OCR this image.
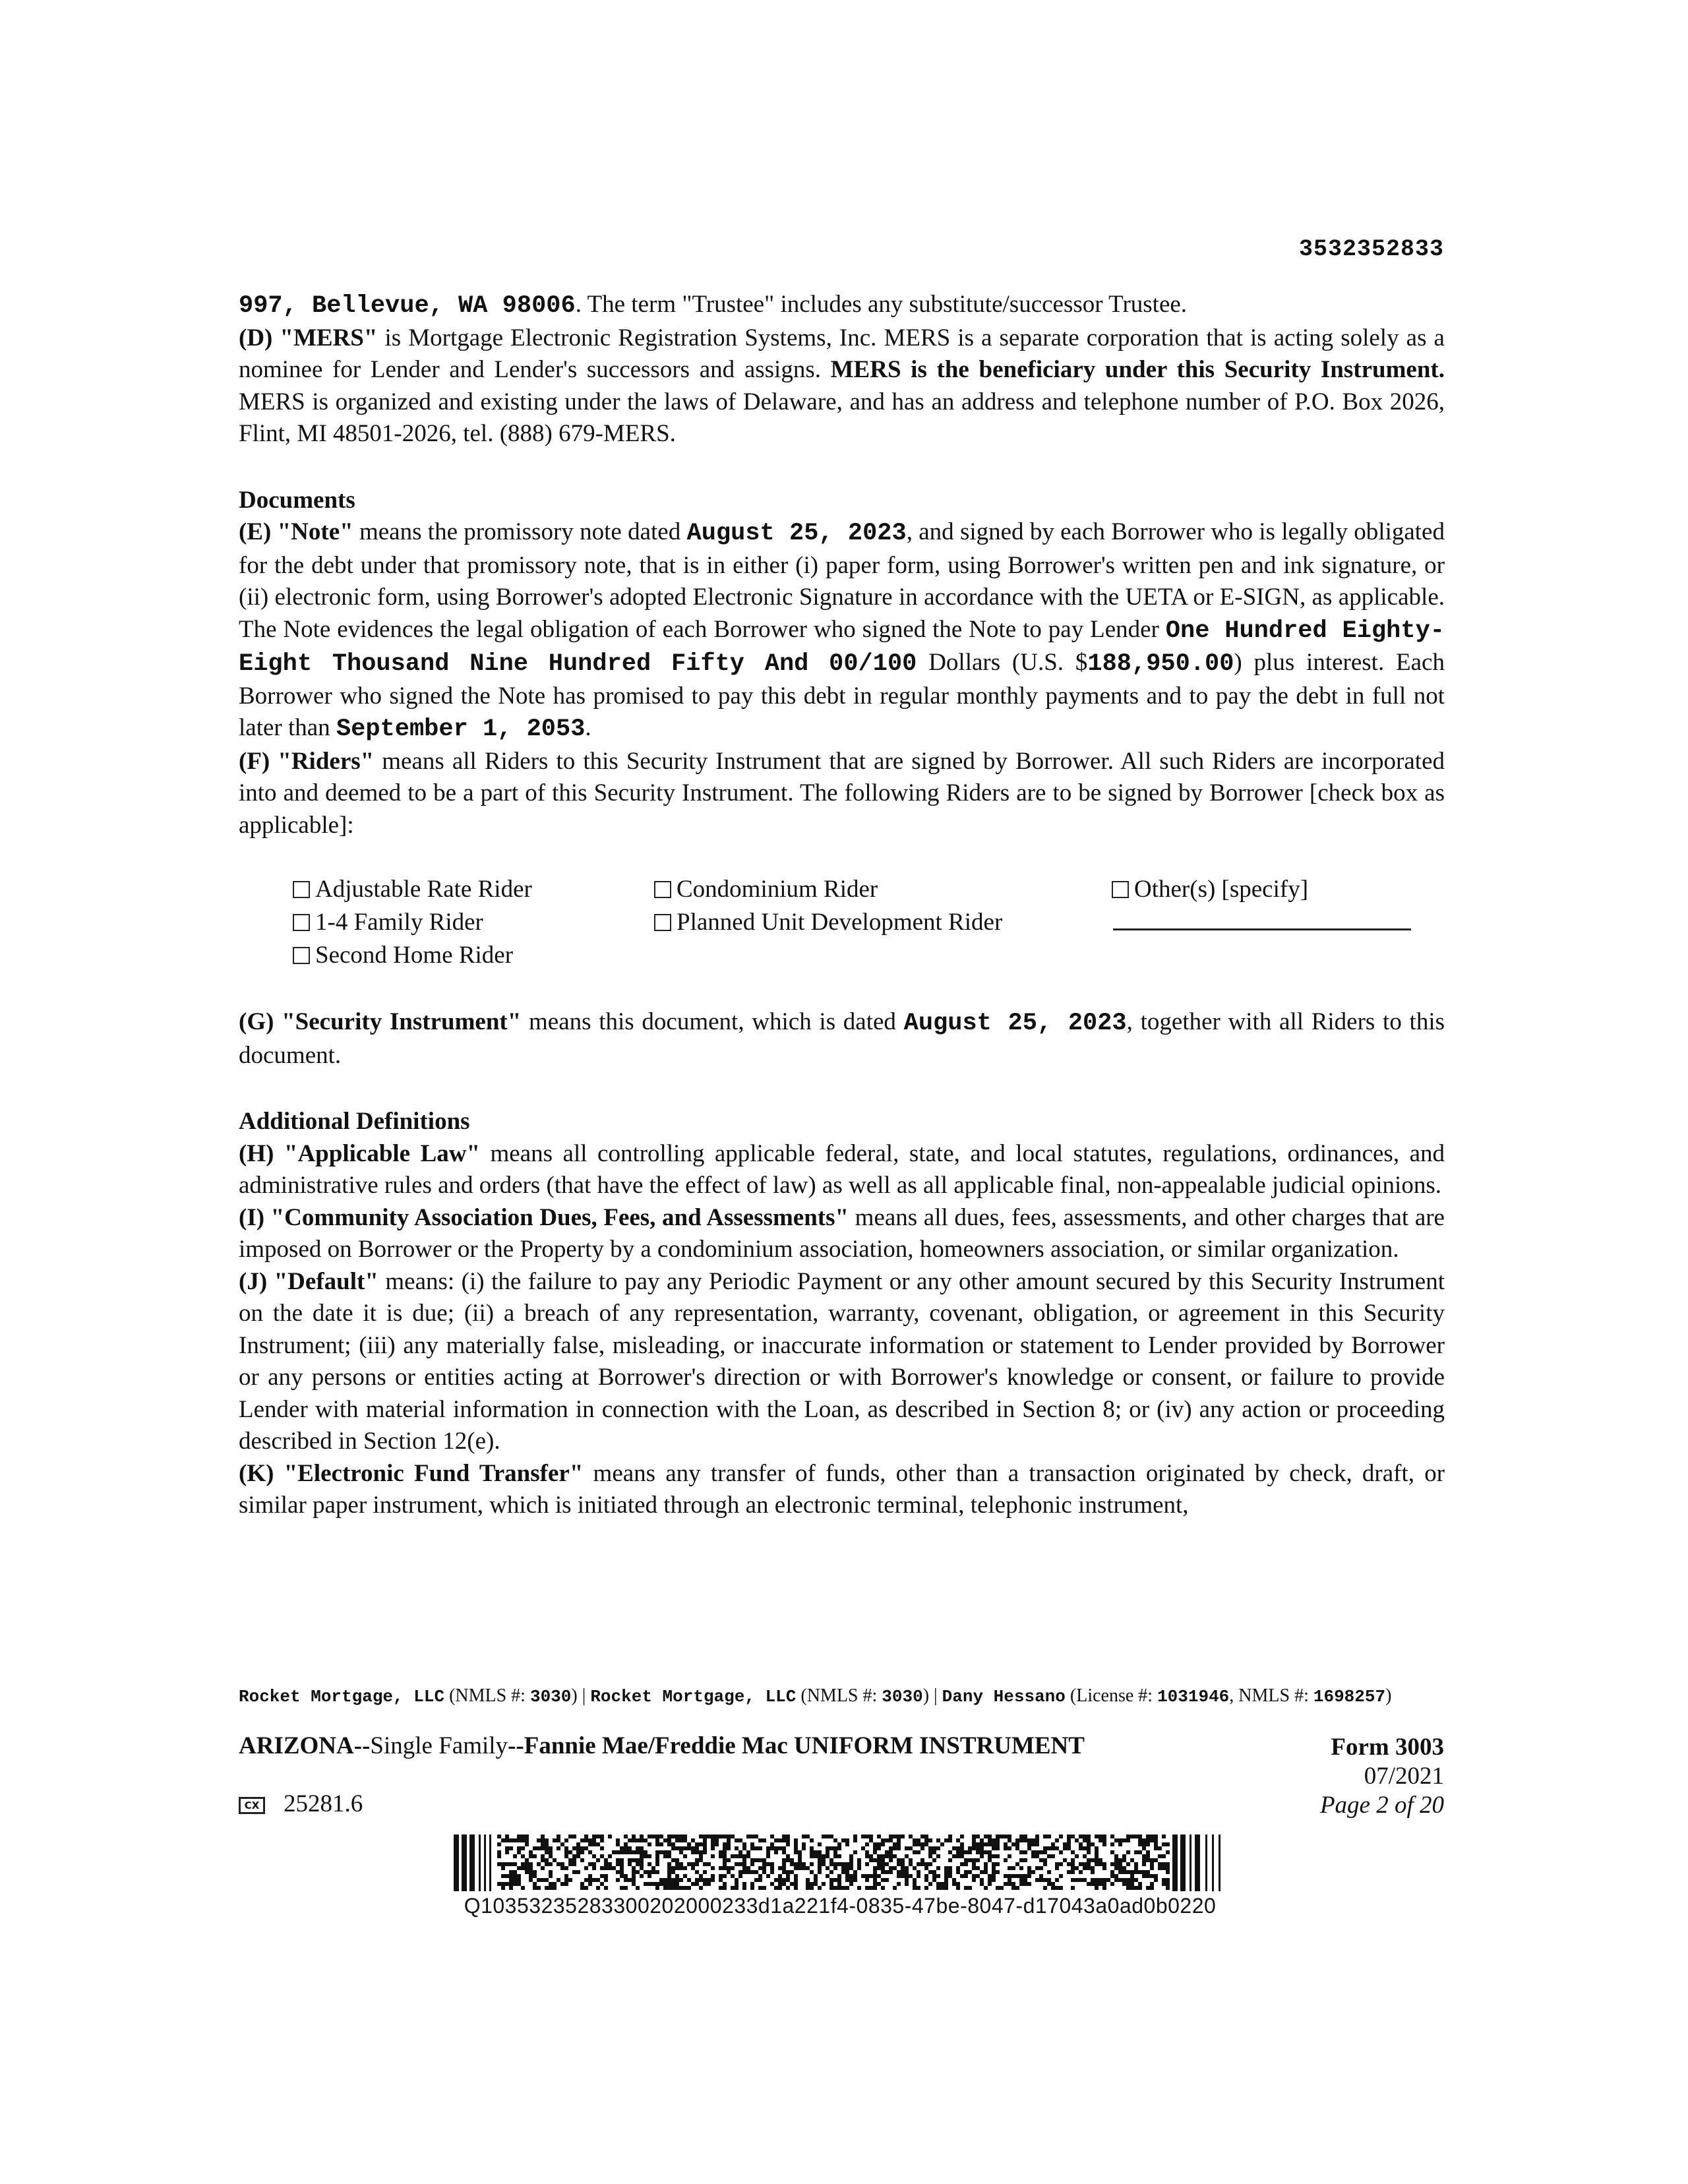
3532352833

997, Bellevue, WA 98006. The term "Trustee" includes any substitute/successor Trustee.

(D) "MERS" is Mortgage Electronic Registration Systems, Inc. MERS is a separate corporation that is acting solely as a nominee for Lender and Lender's successors and assigns. MERS is the beneficiary under this Security Instrument. MERS is organized and existing under the laws of Delaware, and has an address and telephone number of P.O. Box 2026, Flint, MI 48501-2026, tel. (888) 679-MERS.

Documents

(E) "Note" means the promissory note dated August 25, 2023, and signed by each Borrower who is legally obligated for the debt under that promissory note, that is in either (i) paper form, using Borrower's written pen and ink signature, or (ii) electronic form, using Borrower's adopted Electronic Signature in accordance with the UETA or E-SIGN, as applicable. The Note evidences the legal obligation of each Borrower who signed the Note to pay Lender One Hundred Eighty-Eight Thousand Nine Hundred Fifty And 00/100 Dollars (U.S. $188,950.00) plus interest. Each Borrower who signed the Note has promised to pay this debt in regular monthly payments and to pay the debt in full not later than September 1, 2053.

(F) "Riders" means all Riders to this Security Instrument that are signed by Borrower. All such Riders are incorporated into and deemed to be a part of this Security Instrument. The following Riders are to be signed by Borrower [check box as applicable]:

Adjustable Rate Rider
1-4 Family Rider
Second Home Rider
Condominium Rider
Planned Unit Development Rider
Other(s) [specify]

(G) "Security Instrument" means this document, which is dated August 25, 2023, together with all Riders to this document.

Additional Definitions

(H) "Applicable Law" means all controlling applicable federal, state, and local statutes, regulations, ordinances, and administrative rules and orders (that have the effect of law) as well as all applicable final, non-appealable judicial opinions.

(I) "Community Association Dues, Fees, and Assessments" means all dues, fees, assessments, and other charges that are imposed on Borrower or the Property by a condominium association, homeowners association, or similar organization.

(J) "Default" means: (i) the failure to pay any Periodic Payment or any other amount secured by this Security Instrument on the date it is due; (ii) a breach of any representation, warranty, covenant, obligation, or agreement in this Security Instrument; (iii) any materially false, misleading, or inaccurate information or statement to Lender provided by Borrower or any persons or entities acting at Borrower's direction or with Borrower's knowledge or consent, or failure to provide Lender with material information in connection with the Loan, as described in Section 8; or (iv) any action or proceeding described in Section 12(e).

(K) "Electronic Fund Transfer" means any transfer of funds, other than a transaction originated by check, draft, or similar paper instrument, which is initiated through an electronic terminal, telephonic instrument,

Rocket Mortgage, LLC (NMLS #: 3030) | Rocket Mortgage, LLC (NMLS #: 3030) | Dany Hessano (License #: 1031946, NMLS #: 1698257)
ARIZONA--Single Family--Fannie Mae/Freddie Mac UNIFORM INSTRUMENT	Form 3003
07/2021
Page 2 of 20
CX 25281.6
Q10353235283300202000233d1a221f4-0835-47be-8047-d17043a0ad0b0220
